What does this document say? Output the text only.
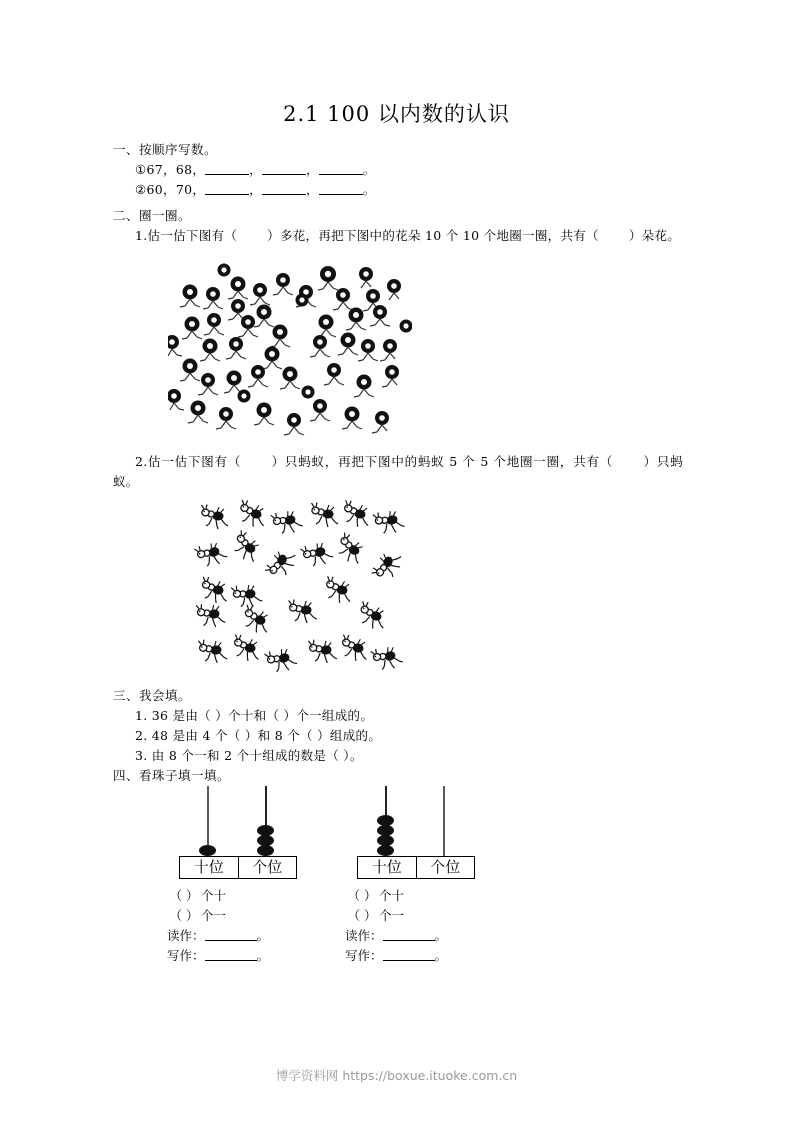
2.1 100 以内数的认识
一、按顺序写数。
①67，68，	，	，	。
②60，70，	，	，	。
二、圈一圈。
1.估一估下图有（ ）多花，再把下图中的花朵 10 个 10 个地圈一圈，共有（ ）朵花。
2.估一估下图有（ ）只蚂蚁，再把下图中的蚂蚁 5 个 5 个地圈一圈，共有（ ）只蚂蚁。
三、我会填。
1. 36 是由（ ）个十和（ ）个一组成的。
2. 48 是由 4 个（ ）和 8 个（ ）组成的。
3. 由 8 个一和 2 个十组成的数是（ ）。
四、看珠子填一填。
十位	个位
（ ） 个十
（ ） 个一
读作：	。
写作：	。
十位	个位
（ ） 个十
（ ） 个一
读作：	。
写作：	。
博学资料网 https://boxue.ituoke.com.cn
